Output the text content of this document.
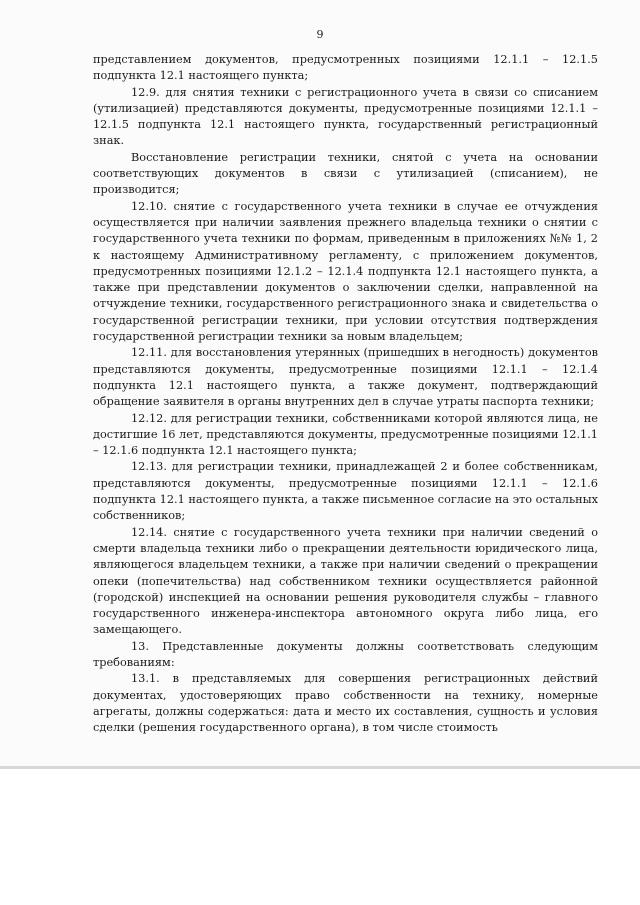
9

представлением документов, предусмотренных позициями 12.1.1 – 12.1.5 подпункта 12.1 настоящего пункта;

12.9. для снятия техники с регистрационного учета в связи со списанием (утилизацией) представляются документы, предусмотренные позициями 12.1.1 – 12.1.5 подпункта 12.1 настоящего пункта, государственный регистрационный знак.

Восстановление регистрации техники, снятой с учета на основании соответствующих документов в связи с утилизацией (списанием), не производится;

12.10. снятие с государственного учета техники в случае ее отчуждения осуществляется при наличии заявления прежнего владельца техники о снятии с государственного учета техники по формам, приведенным в приложениях №№ 1, 2 к настоящему Административному регламенту, с приложением документов, предусмотренных позициями 12.1.2 – 12.1.4 подпункта 12.1 настоящего пункта, а также при представлении документов о заключении сделки, направленной на отчуждение техники, государственного регистрационного знака и свидетельства о государственной регистрации техники, при условии отсутствия подтверждения государственной регистрации техники за новым владельцем;

12.11. для восстановления утерянных (пришедших в негодность) документов представляются документы, предусмотренные позициями 12.1.1 – 12.1.4 подпункта 12.1 настоящего пункта, а также документ, подтверждающий обращение заявителя в органы внутренних дел в случае утраты паспорта техники;

12.12. для регистрации техники, собственниками которой являются лица, не достигшие 16 лет, представляются документы, предусмотренные позициями 12.1.1 – 12.1.6 подпункта 12.1 настоящего пункта;

12.13. для регистрации техники, принадлежащей 2 и более собственникам, представляются документы, предусмотренные позициями 12.1.1 – 12.1.6 подпункта 12.1 настоящего пункта, а также письменное согласие на это остальных собственников;

12.14. снятие с государственного учета техники при наличии сведений о смерти владельца техники либо о прекращении деятельности юридического лица, являющегося владельцем техники, а также при наличии сведений о прекращении опеки (попечительства) над собственником техники осуществляется районной (городской) инспекцией на основании решения руководителя службы – главного государственного инженера-инспектора автономного округа либо лица, его замещающего.

13. Представленные документы должны соответствовать следующим требованиям:

13.1. в представляемых для совершения регистрационных действий документах, удостоверяющих право собственности на технику, номерные агрегаты, должны содержаться: дата и место их составления, сущность и условия сделки (решения государственного органа), в том числе стоимость
